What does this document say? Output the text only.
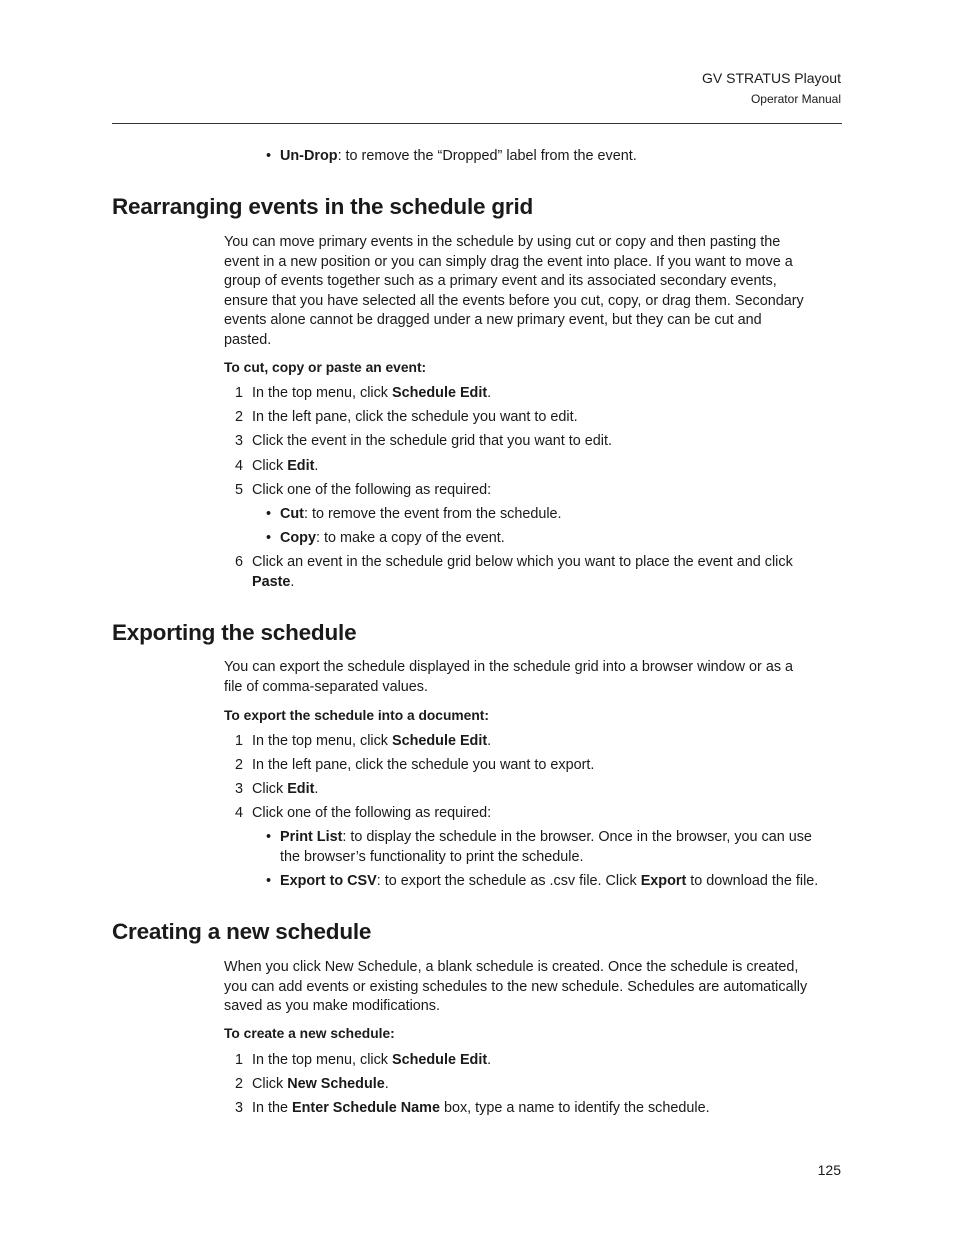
GV STRATUS Playout
Operator Manual
• Un-Drop: to remove the “Dropped” label from the event.
Rearranging events in the schedule grid
You can move primary events in the schedule by using cut or copy and then pasting the
event in a new position or you can simply drag the event into place. If you want to move a
group of events together such as a primary event and its associated secondary events,
ensure that you have selected all the events before you cut, copy, or drag them. Secondary
events alone cannot be dragged under a new primary event, but they can be cut and
pasted.
To cut, copy or paste an event:
1 In the top menu, click Schedule Edit.
2 In the left pane, click the schedule you want to edit.
3 Click the event in the schedule grid that you want to edit.
4 Click Edit.
5 Click one of the following as required:
• Cut: to remove the event from the schedule.
• Copy: to make a copy of the event.
6 Click an event in the schedule grid below which you want to place the event and click
Paste.
Exporting the schedule
You can export the schedule displayed in the schedule grid into a browser window or as a
file of comma-separated values.
To export the schedule into a document:
1 In the top menu, click Schedule Edit.
2 In the left pane, click the schedule you want to export.
3 Click Edit.
4 Click one of the following as required:
• Print List: to display the schedule in the browser. Once in the browser, you can use
the browser’s functionality to print the schedule.
• Export to CSV: to export the schedule as .csv file. Click Export to download the file.
Creating a new schedule
When you click New Schedule, a blank schedule is created. Once the schedule is created,
you can add events or existing schedules to the new schedule. Schedules are automatically
saved as you make modifications.
To create a new schedule:
1 In the top menu, click Schedule Edit.
2 Click New Schedule.
3 In the Enter Schedule Name box, type a name to identify the schedule.
125
